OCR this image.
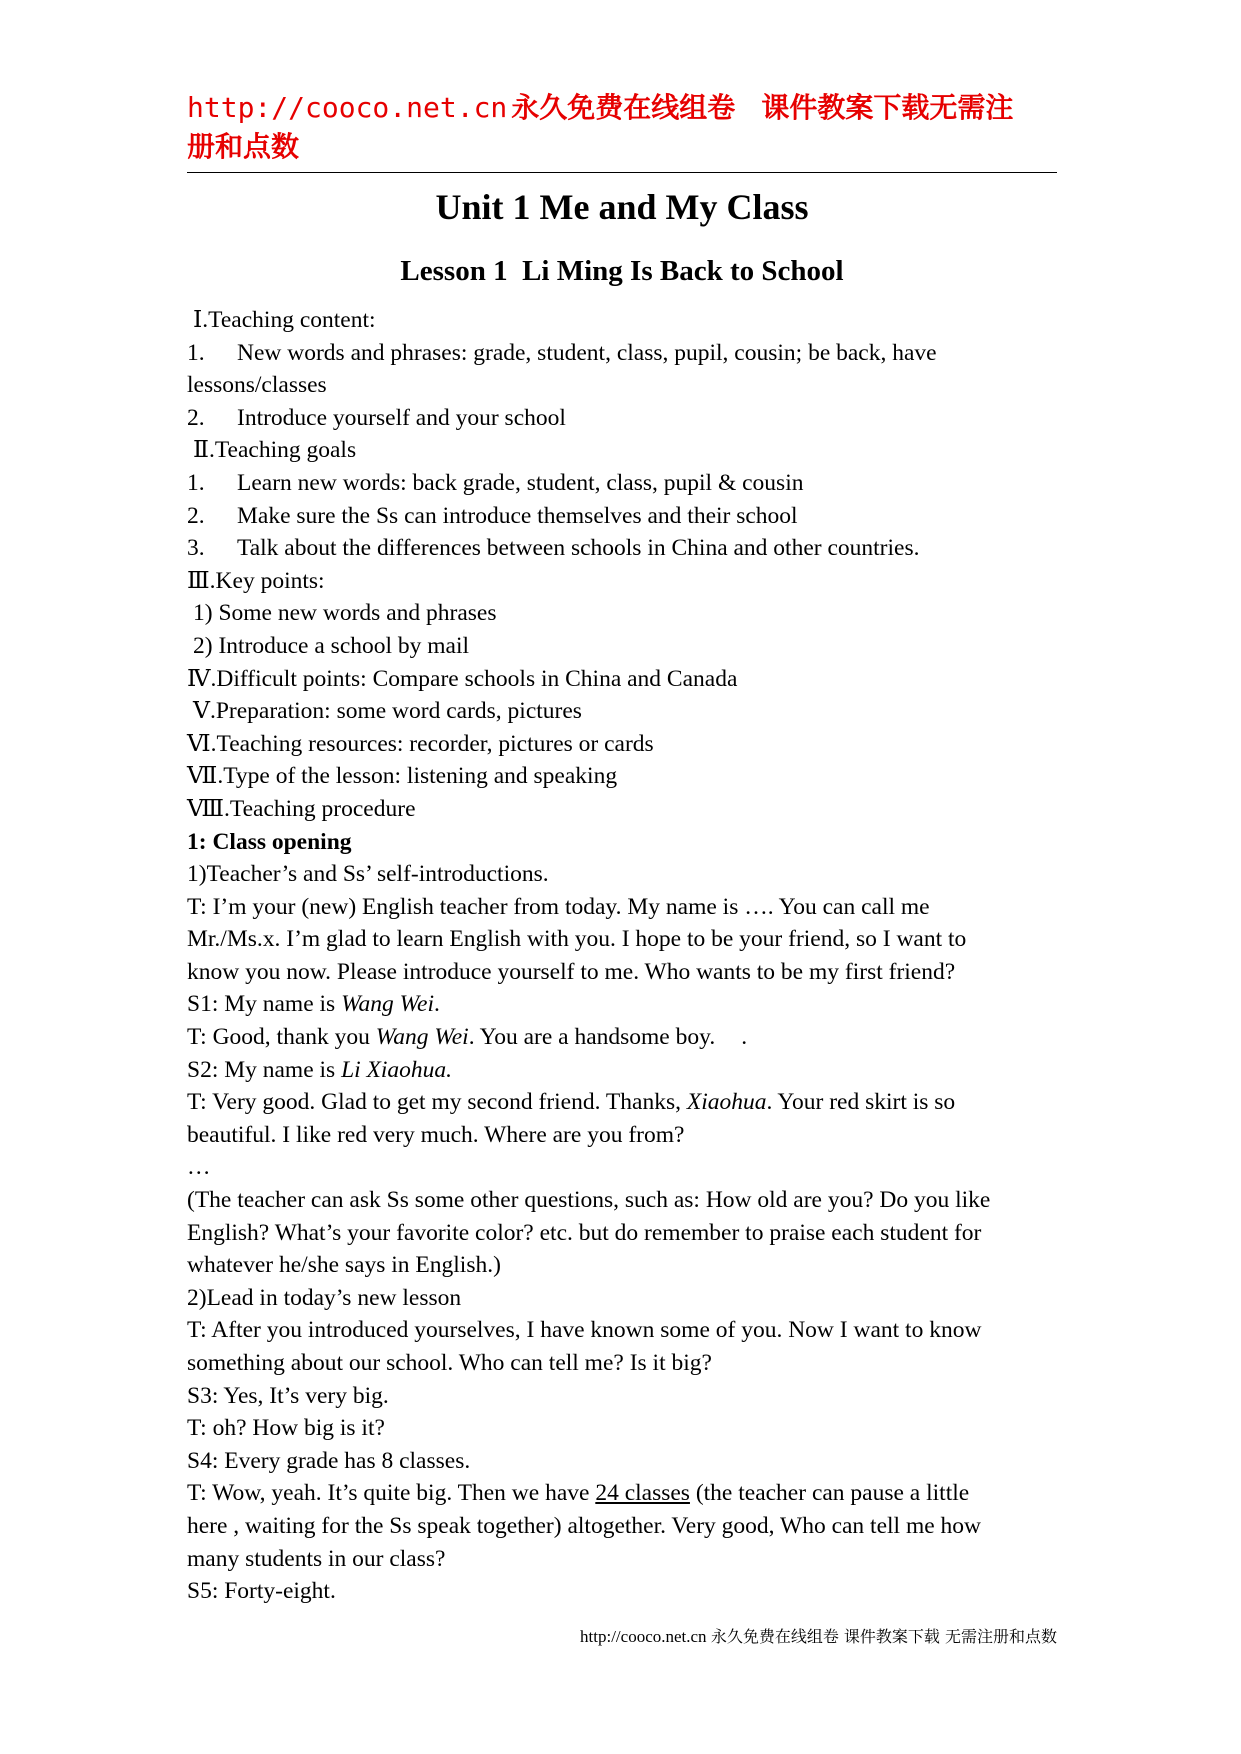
http://cooco.net.cn 永久免费在线组卷 课件教案下载无需注
册和点数
Unit 1 Me and My Class
Lesson 1  Li Ming Is Back to School
Ⅰ.Teaching content:
1.	New words and phrases: grade, student, class, pupil, cousin; be back, have
lessons/classes
2.	Introduce yourself and your school
Ⅱ.Teaching goals
1.	Learn new words: back grade, student, class, pupil & cousin
2.	Make sure the Ss can introduce themselves and their school
3.	Talk about the differences between schools in China and other countries.
Ⅲ.Key points:
1) Some new words and phrases
2) Introduce a school by mail
Ⅳ.Difficult points: Compare schools in China and Canada
Ⅴ.Preparation: some word cards, pictures
Ⅵ.Teaching resources: recorder, pictures or cards
Ⅶ.Type of the lesson: listening and speaking
Ⅷ.Teaching procedure
1: Class opening
1)Teacher’s and Ss’ self-introductions.
T: I’m your (new) English teacher from today. My name is …. You can call me
Mr./Ms.x. I’m glad to learn English with you. I hope to be your friend, so I want to
know you now. Please introduce yourself to me. Who wants to be my first friend?
S1: My name is Wang Wei.
T: Good, thank you Wang Wei. You are a handsome boy. .
S2: My name is Li Xiaohua.
T: Very good. Glad to get my second friend. Thanks, Xiaohua. Your red skirt is so
beautiful. I like red very much. Where are you from?
…
(The teacher can ask Ss some other questions, such as: How old are you? Do you like
English? What’s your favorite color? etc. but do remember to praise each student for
whatever he/she says in English.)
2)Lead in today’s new lesson
T: After you introduced yourselves, I have known some of you. Now I want to know
something about our school. Who can tell me? Is it big?
S3: Yes, It’s very big.
T: oh? How big is it?
S4: Every grade has 8 classes.
T: Wow, yeah. It’s quite big. Then we have 24 classes (the teacher can pause a little
here , waiting for the Ss speak together) altogether. Very good, Who can tell me how
many students in our class?
S5: Forty-eight.
http://cooco.net.cn 永久免费在线组卷 课件教案下载 无需注册和点数
